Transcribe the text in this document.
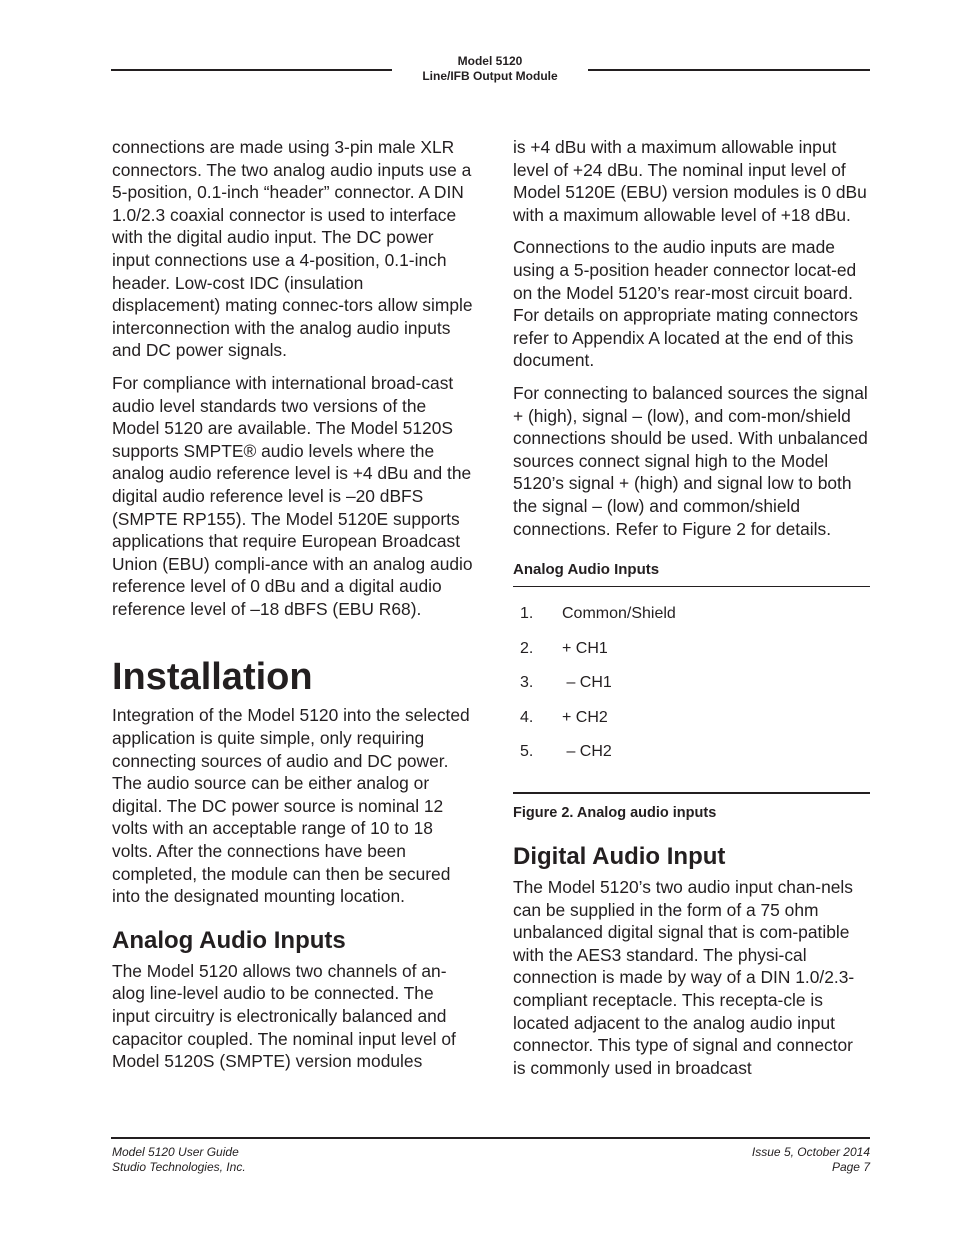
Model 5120
Line/IFB Output Module

connections are made using 3-pin male XLR connectors. The two analog audio inputs use a 5-position, 0.1-inch “header” connector. A DIN 1.0/2.3 coaxial connector is used to interface with the digital audio input. The DC power input connections use a 4-position, 0.1-inch header. Low-cost IDC (insulation displacement) mating connec-tors allow simple interconnection with the analog audio inputs and DC power signals.

For compliance with international broad-cast audio level standards two versions of the Model 5120 are available. The Model 5120S supports SMPTE® audio levels where the analog audio reference level is +4 dBu and the digital audio reference level is –20 dBFS (SMPTE RP155). The Model 5120E supports applications that require European Broadcast Union (EBU) compli-ance with an analog audio reference level of 0 dBu and a digital audio reference level of –18 dBFS (EBU R68).

Installation

Integration of the Model 5120 into the selected application is quite simple, only requiring connecting sources of audio and DC power. The audio source can be either analog or digital. The DC power source is nominal 12 volts with an acceptable range of 10 to 18 volts. After the connections have been completed, the module can then be secured into the designated mounting location.

Analog Audio Inputs

The Model 5120 allows two channels of an-alog line-level audio to be connected. The input circuitry is electronically balanced and capacitor coupled. The nominal input level of Model 5120S (SMPTE) version modules

is +4 dBu with a maximum allowable input level of +24 dBu. The nominal input level of Model 5120E (EBU) version modules is 0 dBu with a maximum allowable level of +18 dBu.

Connections to the audio inputs are made using a 5-position header connector locat-ed on the Model 5120’s rear-most circuit board. For details on appropriate mating connectors refer to Appendix A located at the end of this document.

For connecting to balanced sources the signal + (high), signal – (low), and com-mon/shield connections should be used. With unbalanced sources connect signal high to the Model 5120’s signal + (high) and signal low to both the signal – (low) and common/shield connections. Refer to Figure 2 for details.

Analog Audio Inputs
1.	Common/Shield
2.	+ CH1
3.	– CH1
4.	+ CH2
5.	– CH2
Figure 2. Analog audio inputs
Digital Audio Input

The Model 5120’s two audio input chan-nels can be supplied in the form of a 75 ohm unbalanced digital signal that is com-patible with the AES3 standard. The physi-cal connection is made by way of a DIN 1.0/2.3-compliant receptacle. This recepta-cle is located adjacent to the analog audio input connector. This type of signal and connector is commonly used in broadcast

Model 5120 User Guide
Studio Technologies, Inc.
Issue 5, October 2014
Page 7
